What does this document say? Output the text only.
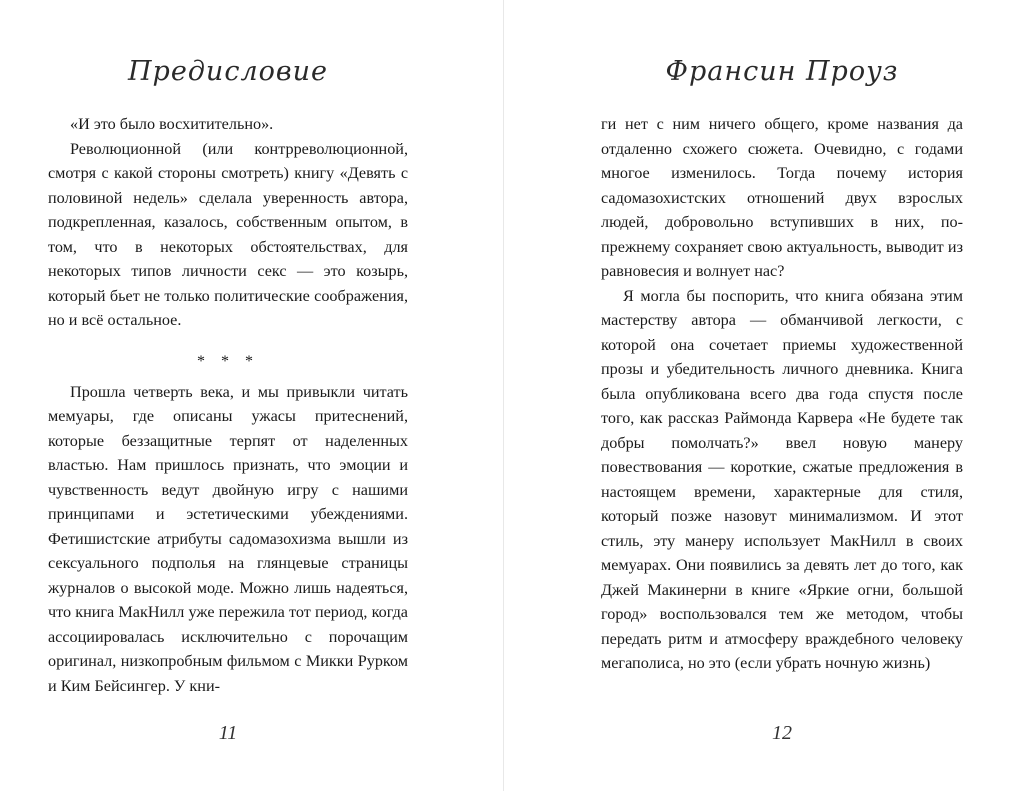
Предисловие

«И это было восхитительно».

Революционной (или контрреволюционной, смотря с какой стороны смотреть) книгу «Девять с половиной недель» сделала уверенность автора, подкрепленная, казалось, собственным опытом, в том, что в некоторых обстоятельствах, для некоторых типов личности секс — это козырь, который бьет не только политические соображения, но и всё остальное.

* * *

Прошла четверть века, и мы привыкли читать мемуары, где описаны ужасы притеснений, которые беззащитные терпят от наделенных властью. Нам пришлось признать, что эмоции и чувственность ведут двойную игру с нашими принципами и эстетическими убеждениями. Фетишистские атрибуты садомазохизма вышли из сексуального подполья на глянцевые страницы журналов о высокой моде. Можно лишь надеяться, что книга МакНилл уже пережила тот период, когда ассоциировалась исключительно с порочащим оригинал, низкопробным фильмом с Микки Рурком и Ким Бейсингер. У кни-

11
Франсин Проуз

ги нет с ним ничего общего, кроме названия да отдаленно схожего сюжета. Очевидно, с годами многое изменилось. Тогда почему история садомазохистских отношений двух взрослых людей, добровольно вступивших в них, по-прежнему сохраняет свою актуальность, выводит из равновесия и волнует нас?

Я могла бы поспорить, что книга обязана этим мастерству автора — обманчивой легкости, с которой она сочетает приемы художественной прозы и убедительность личного дневника. Книга была опубликована всего два года спустя после того, как рассказ Раймонда Карвера «Не будете так добры помолчать?» ввел новую манеру повествования — короткие, сжатые предложения в настоящем времени, характерные для стиля, который позже назовут минимализмом. И этот стиль, эту манеру использует МакНилл в своих мемуарах. Они появились за девять лет до того, как Джей Макинерни в книге «Яркие огни, большой город» воспользовался тем же методом, чтобы передать ритм и атмосферу враждебного человеку мегаполиса, но это (если убрать ночную жизнь)

12
